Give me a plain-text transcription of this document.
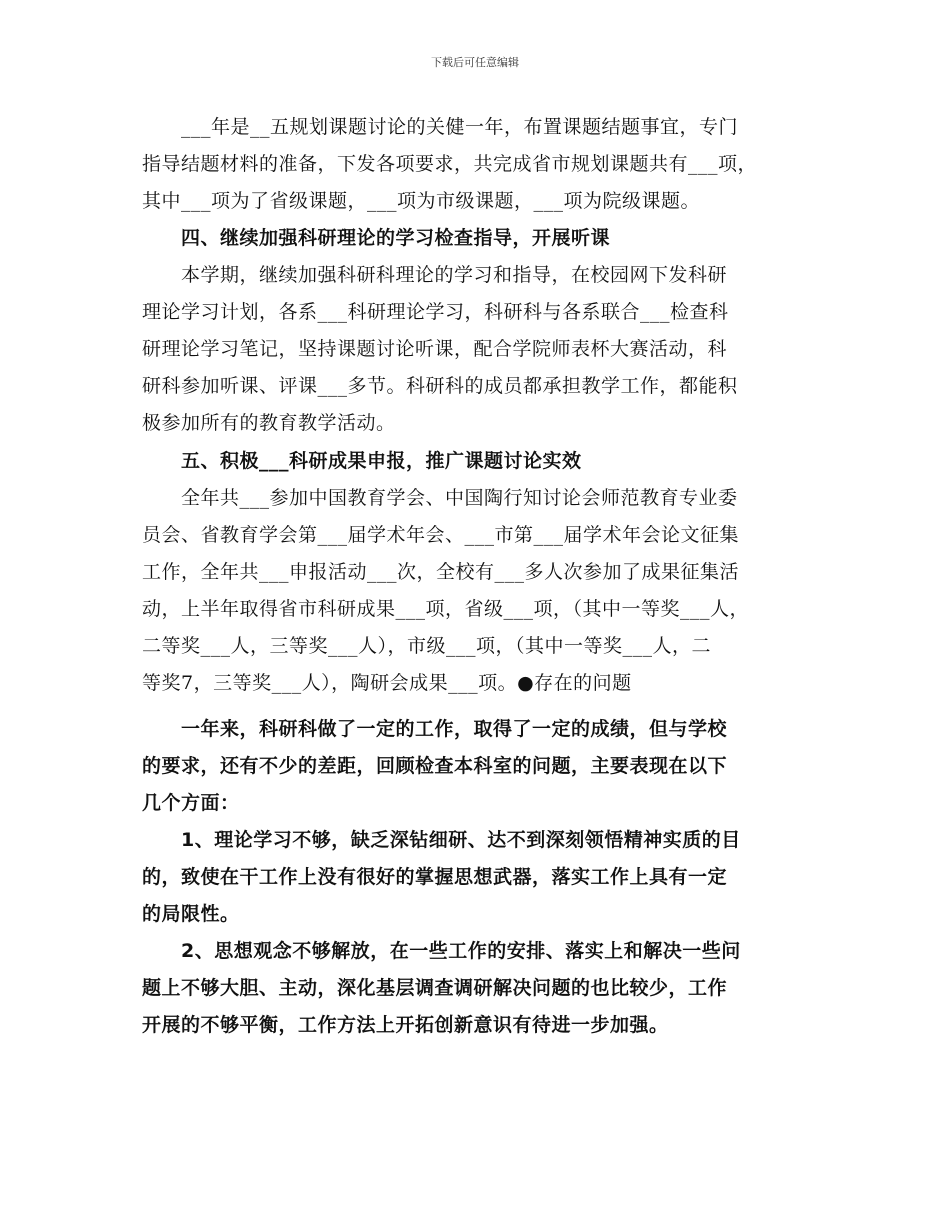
下载后可任意编辑
　　___年是__五规划课题讨论的关健一年，布置课题结题事宜，专门
指导结题材料的准备，下发各项要求，共完成省市规划课题共有___项，
其中___项为了省级课题，___项为市级课题，___项为院级课题。
　　四、继续加强科研理论的学习检查指导，开展听课
　　本学期，继续加强科研科理论的学习和指导，在校园网下发科研
理论学习计划，各系___科研理论学习，科研科与各系联合___检查科
研理论学习笔记，坚持课题讨论听课，配合学院师表杯大赛活动，科
研科参加听课、评课___多节。科研科的成员都承担教学工作，都能积
极参加所有的教育教学活动。
　　五、积极___科研成果申报，推广课题讨论实效
　　全年共___参加中国教育学会、中国陶行知讨论会师范教育专业委
员会、省教育学会第___届学术年会、___市第___届学术年会论文征集
工作，全年共___申报活动___次，全校有___多人次参加了成果征集活
动，上半年取得省市科研成果___项，省级___项，（其中一等奖___人，
二等奖___人，三等奖___人），市级___项，（其中一等奖___人，二
等奖7，三等奖___人），陶研会成果___项。●存在的问题
　　一年来，科研科做了一定的工作，取得了一定的成绩，但与学校
的要求，还有不少的差距，回顾检查本科室的问题，主要表现在以下
几个方面：
　　1、理论学习不够，缺乏深钻细研、达不到深刻领悟精神实质的目
的，致使在干工作上没有很好的掌握思想武器，落实工作上具有一定
的局限性。
　　2、思想观念不够解放，在一些工作的安排、落实上和解决一些问
题上不够大胆、主动，深化基层调查调研解决问题的也比较少，工作
开展的不够平衡，工作方法上开拓创新意识有待进一步加强。
